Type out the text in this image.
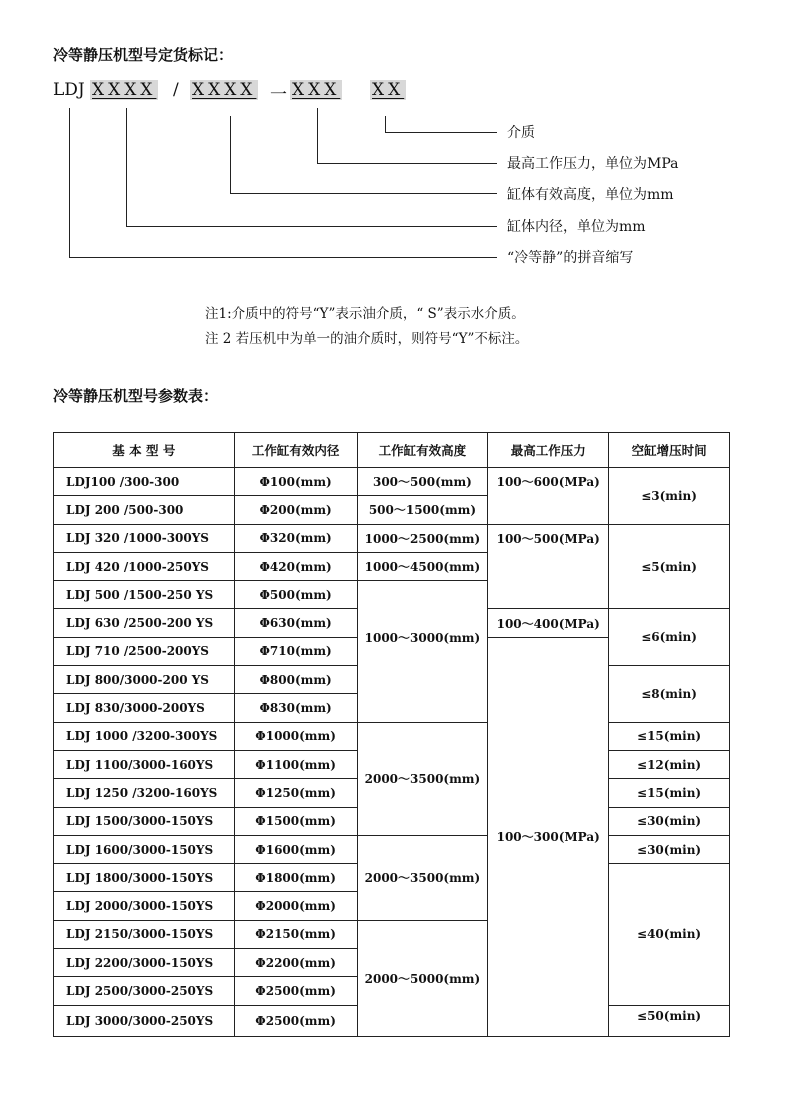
冷等静压机型号定货标记：
LDJ XXXX / XXXX 一 XXX XX
介质
最高工作压力，单位为MPa
缸体有效高度，单位为mm
缸体内径，单位为mm
“冷等静”的拼音缩写
注1:介质中的符号“Y”表示油介质，“ S”表示水介质。
注 2 若压机中为单一的油介质时，则符号“Y”不标注。
冷等静压机型号参数表：
基 本 型 号	工作缸有效内径	工作缸有效高度	最高工作压力	空缸增压时间
LDJ100 /300-300	Φ100(mm)	300～500(mm)	100～600(MPa)	≤3(min)
LDJ 200 /500-300	Φ200(mm)	500～1500(mm)		
LDJ 320 /1000-300YS	Φ320(mm)	1000～2500(mm)	100～500(MPa)	≤5(min)
LDJ 420 /1000-250YS	Φ420(mm)	1000～4500(mm)		
LDJ 500 /1500-250 YS	Φ500(mm)	1000～3000(mm)		
LDJ 630 /2500-200 YS	Φ630(mm)		100～400(MPa)	≤6(min)
LDJ 710 /2500-200YS	Φ710(mm)		100～300(MPa)	
LDJ 800/3000-200 YS	Φ800(mm)			≤8(min)
LDJ 830/3000-200YS	Φ830(mm)			
LDJ 1000 /3200-300YS	Φ1000(mm)	2000～3500(mm)		≤15(min)
LDJ 1100/3000-160YS	Φ1100(mm)			≤12(min)
LDJ 1250 /3200-160YS	Φ1250(mm)			≤15(min)
LDJ 1500/3000-150YS	Φ1500(mm)			≤30(min)
LDJ 1600/3000-150YS	Φ1600(mm)	2000～3500(mm)		≤30(min)
LDJ 1800/3000-150YS	Φ1800(mm)			≤40(min)
LDJ 2000/3000-150YS	Φ2000(mm)			
LDJ 2150/3000-150YS	Φ2150(mm)	2000～5000(mm)		
LDJ 2200/3000-150YS	Φ2200(mm)			
LDJ 2500/3000-250YS	Φ2500(mm)			
LDJ 3000/3000-250YS	Φ2500(mm)			≤50(min)
